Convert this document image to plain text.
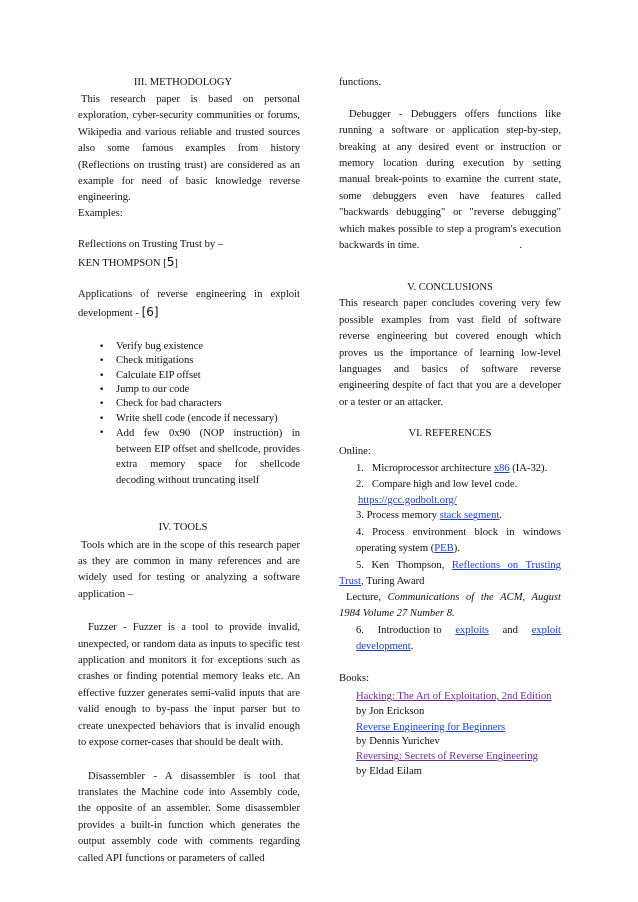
III. METHODOLOGY

This research paper is based on personal exploration, cyber-security communities or forums, Wikipedia and various reliable and trusted sources also some famous examples from history (Reflections on trusting trust) are considered as an example for need of basic knowledge reverse engineering.

Examples:

Reflections on Trusting Trust by –

KEN THOMPSON [5]

Applications of reverse engineering in exploit development - [6]

• Verify bug existence
• Check mitigations
• Calculate EIP offset
• Jump to our code
• Check for bad characters
• Write shell code (encode if necessary)
• Add few 0x90 (NOP instruction) in between EIP offset and shellcode, provides extra memory space for shellcode decoding without truncating itself

IV. TOOLS

Tools which are in the scope of this research paper as they are common in many references and are widely used for testing or analyzing a software application –

Fuzzer - Fuzzer is a tool to provide invalid, unexpected, or random data as inputs to specific test application and monitors it for exceptions such as crashes or finding potential memory leaks etc. An effective fuzzer generates semi-valid inputs that are valid enough to by-pass the input parser but to create unexpected behaviors that is invalid enough to expose corner-cases that should be dealt with.

Disassembler - A disassembler is tool that translates the Machine code into Assembly code, the opposite of an assembler. Some disassembler provides a built-in function which generates the output assembly code with comments regarding called API functions or parameters of called

functions.

Debugger - Debuggers offers functions like running a software or application step-by-step, breaking at any desired event or instruction or memory location during execution by setting manual break-points to examine the current state, some debuggers even have features called "backwards debugging" or "reverse debugging" which makes possible to step a program's execution backwards in time.	.

V. CONCLUSIONS

This research paper concludes covering very few possible examples from vast field of software reverse engineering but covered enough which proves us the importance of learning low-level languages and basics of software reverse engineering despite of fact that you are a developer or a tester or an attacker.

VI. REFERENCES

Online:

1. Microprocessor architecture x86 (IA-32).

2. Compare high and low level code.

https://gcc.godbolt.org/

3. Process memory stack segment.

4. Process environment block in windows operating system (PEB).

5. Ken Thompson, Reflections on Trusting Trust, Turing Award

Lecture, Communications of the ACM, August 1984 Volume 27 Number 8.

6. Introduction to exploits and exploit development.

Books:

Hacking: The Art of Exploitation, 2nd Edition

by Jon Erickson

Reverse Engineering for Beginners

by Dennis Yurichev

Reversing: Secrets of Reverse Engineering

by Eldad Eilam
